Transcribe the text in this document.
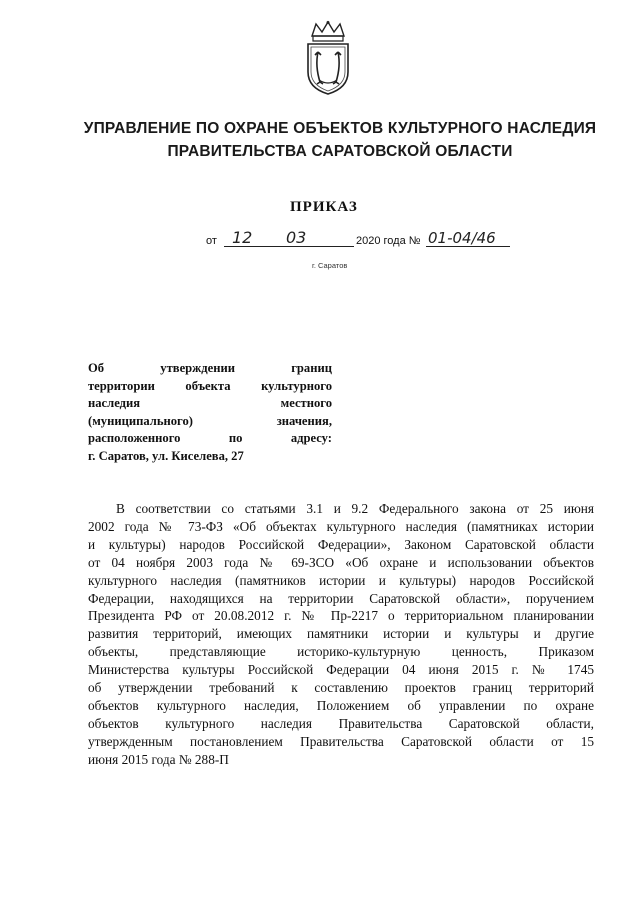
УПРАВЛЕНИЕ ПО ОХРАНЕ ОБЪЕКТОВ КУЛЬТУРНОГО НАСЛЕДИЯ
ПРАВИТЕЛЬСТВА САРАТОВСКОЙ ОБЛАСТИ
ПРИКАЗ
от 12 03	2020 года № 01-04/46
г. Саратов
Об утверждении границ
территории объекта культурного
наследия местного
(муниципального) значения,
расположенного по адресу:
г. Саратов, ул. Киселева, 27
В соответствии со статьями 3.1 и 9.2 Федерального закона от 25 июня
2002 года № 73-ФЗ «Об объектах культурного наследия (памятниках истории
и культуры) народов Российской Федерации», Законом Саратовской области
от 04 ноября 2003 года № 69-ЗСО «Об охране и использовании объектов
культурного наследия (памятников истории и культуры) народов Российской
Федерации, находящихся на территории Саратовской области», поручением
Президента РФ от 20.08.2012 г. № Пр-2217 о территориальном планировании
развития территорий, имеющих памятники истории и культуры и другие
объекты, представляющие историко-культурную ценность, Приказом
Министерства культуры Российской Федерации 04 июня 2015 г. № 1745
об утверждении требований к составлению проектов границ территорий
объектов культурного наследия, Положением об управлении по охране
объектов культурного наследия Правительства Саратовской области,
утвержденным постановлением Правительства Саратовской области от 15
июня 2015 года № 288-П
